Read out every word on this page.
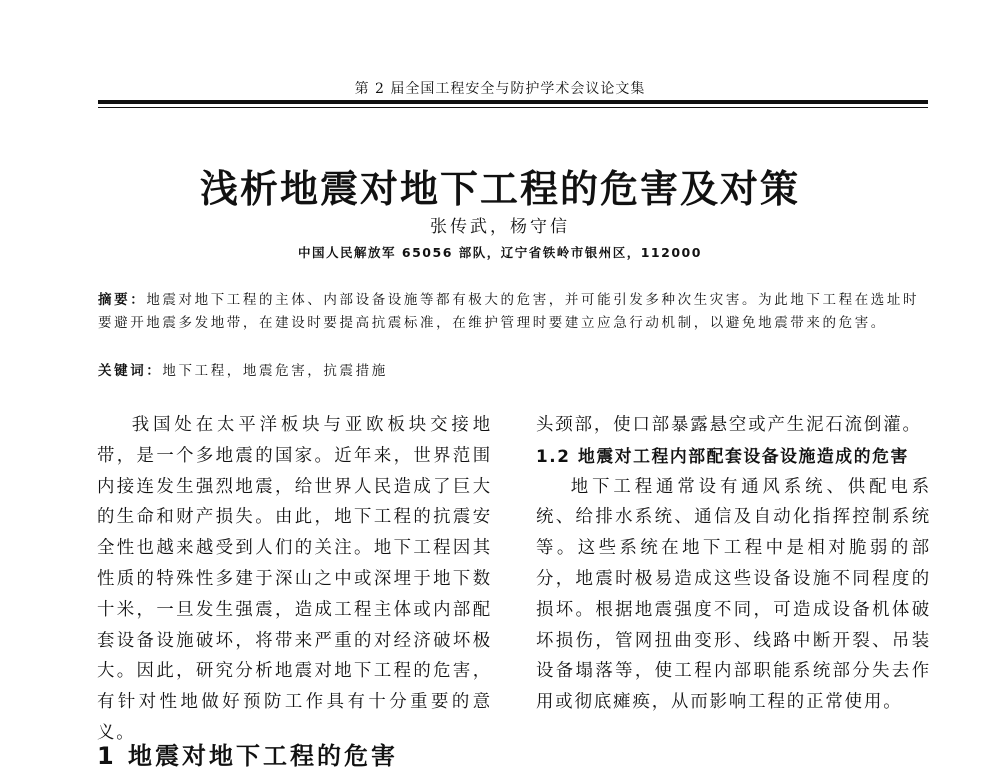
第 2 届全国工程安全与防护学术会议论文集
浅析地震对地下工程的危害及对策
张传武，杨守信
中国人民解放军 65056 部队，辽宁省铁岭市银州区，112000
摘要：地震对地下工程的主体、内部设备设施等都有极大的危害，并可能引发多种次生灾害。为此地下工程在选址时要避开地震多发地带，在建设时要提高抗震标准，在维护管理时要建立应急行动机制，以避免地震带来的危害。
关键词：地下工程，地震危害，抗震措施

我国处在太平洋板块与亚欧板块交接地带，是一个多地震的国家。近年来，世界范围内接连发生强烈地震，给世界人民造成了巨大的生命和财产损失。由此，地下工程的抗震安全性也越来越受到人们的关注。地下工程因其性质的特殊性多建于深山之中或深埋于地下数十米，一旦发生强震，造成工程主体或内部配套设备设施破坏，将带来严重的对经济破坏极大。因此，研究分析地震对地下工程的危害，有针对性地做好预防工作具有十分重要的意义。

1 地震对地下工程的危害

头颈部，使口部暴露悬空或产生泥石流倒灌。

1.2 地震对工程内部配套设备设施造成的危害

地下工程通常设有通风系统、供配电系统、给排水系统、通信及自动化指挥控制系统等。这些系统在地下工程中是相对脆弱的部分，地震时极易造成这些设备设施不同程度的损坏。根据地震强度不同，可造成设备机体破坏损伤，管网扭曲变形、线路中断开裂、吊装设备塌落等，使工程内部职能系统部分失去作用或彻底瘫痪，从而影响工程的正常使用。
